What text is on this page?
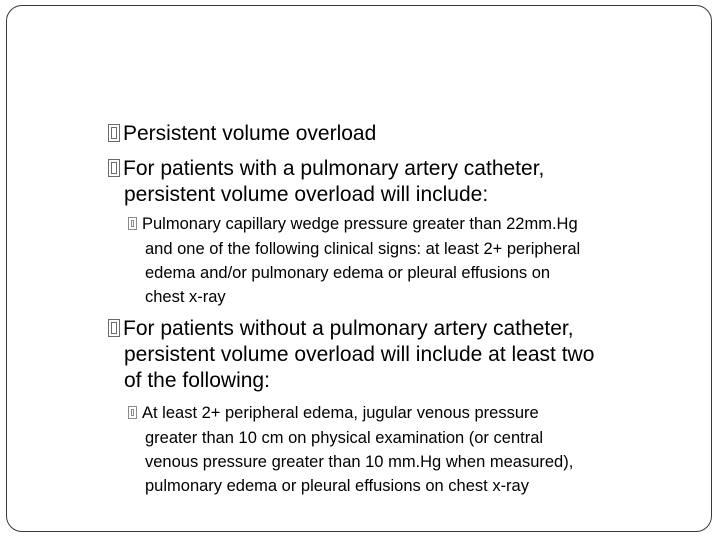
Persistent volume overload
For patients with a pulmonary artery catheter,
persistent volume overload will include:
Pulmonary capillary wedge pressure greater than 22mm.Hg
and one of the following clinical signs: at least 2+ peripheral
edema and/or pulmonary edema or pleural effusions on
chest x-ray
For patients without a pulmonary artery catheter,
persistent volume overload will include at least two
of the following:
At least 2+ peripheral edema, jugular venous pressure
greater than 10 cm on physical examination (or central
venous pressure greater than 10 mm.Hg when measured),
pulmonary edema or pleural effusions on chest x-ray
